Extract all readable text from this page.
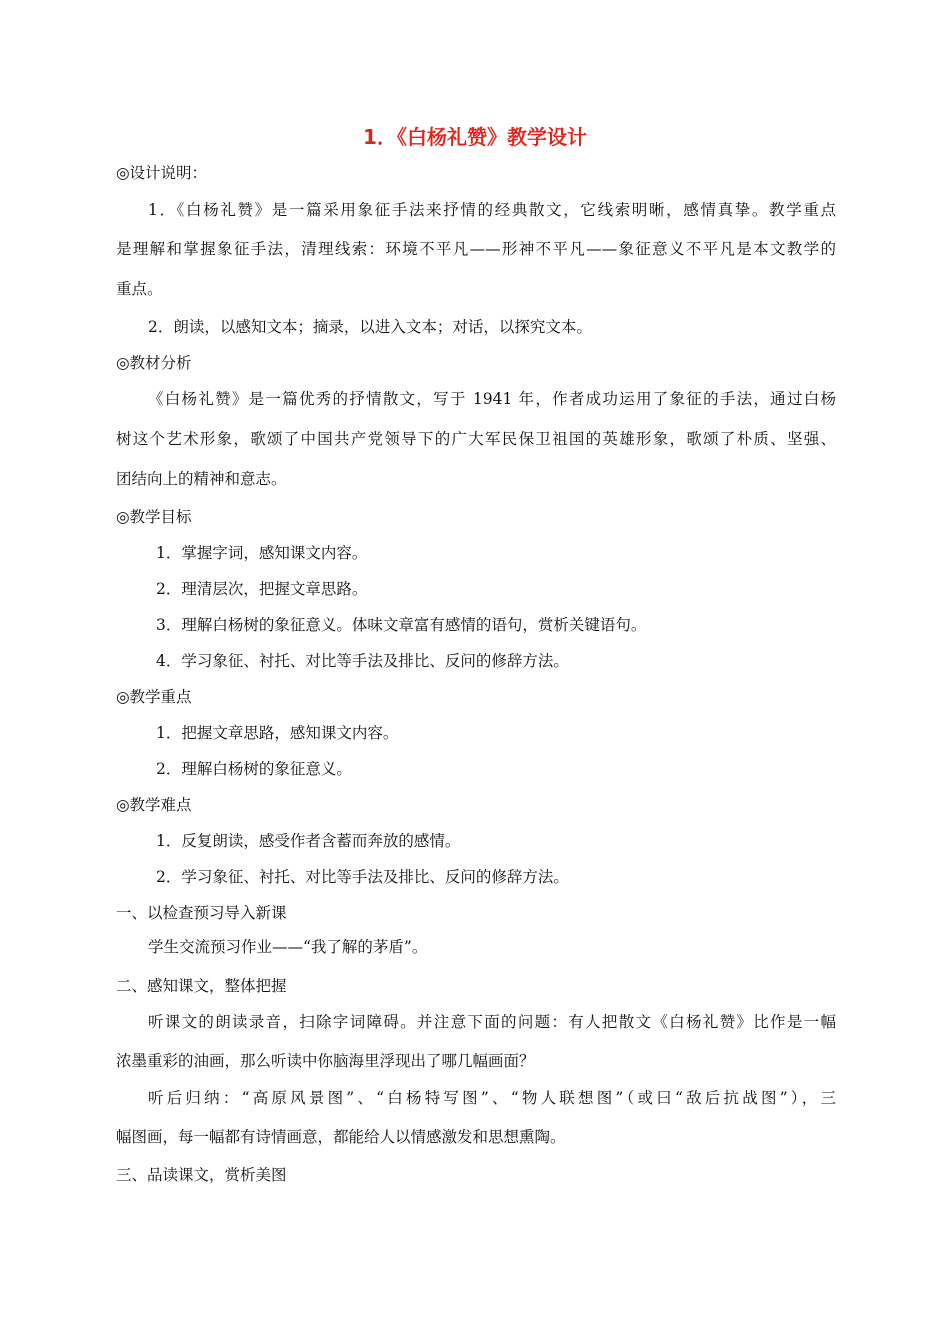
1．《白杨礼赞》教学设计
◎设计说明：
1．《白杨礼赞》是一篇采用象征手法来抒情的经典散文，它线索明晰，感情真挚。教学重点
是理解和掌握象征手法，清理线索：环境不平凡——形神不平凡——象征意义不平凡是本文教学的
重点。
2．朗读，以感知文本；摘录，以进入文本；对话，以探究文本。
◎教材分析
《白杨礼赞》是一篇优秀的抒情散文，写于 1941 年，作者成功运用了象征的手法，通过白杨
树这个艺术形象，歌颂了中国共产党领导下的广大军民保卫祖国的英雄形象，歌颂了朴质、坚强、
团结向上的精神和意志。
◎教学目标
1．掌握字词，感知课文内容。
2．理清层次，把握文章思路。
3．理解白杨树的象征意义。体味文章富有感情的语句，赏析关键语句。
4．学习象征、衬托、对比等手法及排比、反问的修辞方法。
◎教学重点
1．把握文章思路，感知课文内容。
2．理解白杨树的象征意义。
◎教学难点
1．反复朗读，感受作者含蓄而奔放的感情。
2．学习象征、衬托、对比等手法及排比、反问的修辞方法。
一、以检查预习导入新课
学生交流预习作业——“我了解的茅盾”。
二、感知课文，整体把握
听课文的朗读录音，扫除字词障碍。并注意下面的问题：有人把散文《白杨礼赞》比作是一幅
浓墨重彩的油画，那么听读中你脑海里浮现出了哪几幅画面？
听后归纳：“高原风景图”、“白杨特写图”、“物人联想图”（或曰“敌后抗战图”），三
幅图画，每一幅都有诗情画意，都能给人以情感激发和思想熏陶。
三、品读课文，赏析美图
